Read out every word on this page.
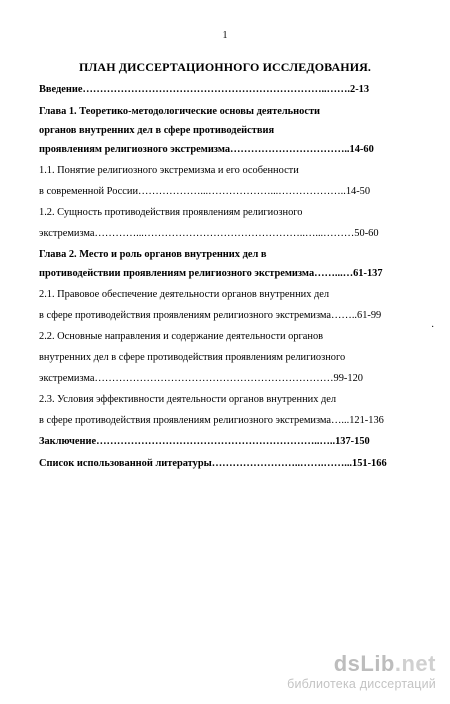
1
ПЛАН ДИССЕРТАЦИОННОГО ИССЛЕДОВАНИЯ.
Введение……………………………………………………………..…….2-13
Глава 1. Теоретико-методологические основы деятельности
органов внутренних дел в сфере противодействия
проявлениям религиозного экстремизма……………………………..14-60
1.1. Понятие религиозного экстремизма и его особенности
в современной России………………...………………...………………..14-50
1.2. Сущность противодействия проявлениям религиозного
экстремизма…………...………………………………………..…...………50-60
Глава 2. Место и роль органов внутренних дел в
противодействии проявлениям религиозного экстремизма……...…61-137
2.1. Правовое обеспечение деятельности органов внутренних дел
в сфере противодействия проявлениям религиозного экстремизма……..61-99
2.2. Основные направления и содержание деятельности органов
внутренних дел в сфере противодействия проявлениям религиозного
экстремизма……………………………………………………………99-120
2.3. Условия эффективности деятельности органов внутренних дел
в сфере противодействия проявлениям религиозного экстремизма…...121-136
Заключение………………………………………………………..…..137-150
Список использованной литературы……………………..…….……...151-166
·
dsLib.net
библиотека диссертаций
